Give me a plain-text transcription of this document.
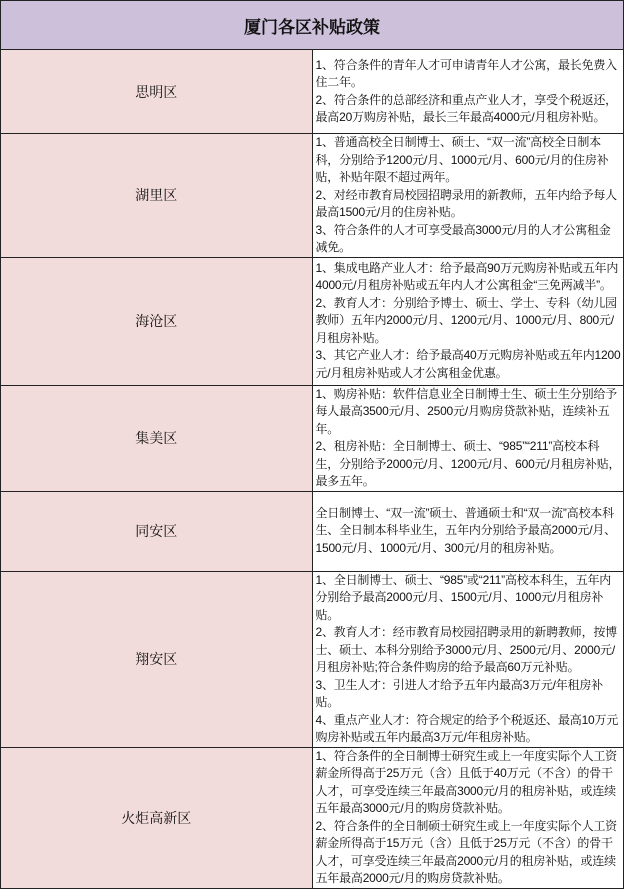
厦门各区补贴政策	
思明区	1、符合条件的青年人才可申请青年人才公寓，最长免费入住二年。
2、符合条件的总部经济和重点产业人才，享受个税返还，最高20万购房补贴，最长三年最高4000元/月租房补贴。

湖里区	1、普通高校全日制博士、硕士、“双一流”高校全日制本科，分别给予1200元/月、1000元/月、600元/月的住房补贴，补贴年限不超过两年。
2、对经市教育局校园招聘录用的新教师，五年内给予每人最高1500元/月的住房补贴。
3、符合条件的人才可享受最高3000元/月的人才公寓租金减免。

海沧区	1、集成电路产业人才：给予最高90万元购房补贴或五年内4000元/月租房补贴或五年内人才公寓租金“三免两减半”。
2、教育人才：分别给予博士、硕士、学士、专科（幼儿园教师）五年内2000元/月、1200元/月、1000元/月、800元/月租房补贴。
3、其它产业人才：给予最高40万元购房补贴或五年内1200元/月租房补贴或人才公寓租金优惠。

集美区	1、购房补贴：软件信息业全日制博士生、硕士生分别给予每人最高3500元/月、2500元/月购房贷款补贴，连续补五年。
2、租房补贴：全日制博士、硕士、“985”“211”高校本科生，分别给予2000元/月、1200元/月、600元/月租房补贴，最多五年。

同安区	全日制博士、“双一流”硕士、普通硕士和“双一流”高校本科生、全日制本科毕业生，五年内分别给予最高2000元/月、1500元/月、1000元/月、300元/月的租房补贴。

翔安区	1、全日制博士、硕士、“985”或“211”高校本科生，五年内分别给予最高2000元/月、1500元/月、1000元/月租房补贴。
2、教育人才：经市教育局校园招聘录用的新聘教师，按博士、硕士、本科分别给予3000元/月、2500元/月、2000元/月租房补贴;符合条件购房的给予最高60万元补贴。
3、卫生人才：引进人才给予五年内最高3万元/年租房补贴。
4、重点产业人才：符合规定的给予个税返还、最高10万元购房补贴或五年内最高3万元/年租房补贴。

火炬高新区	1、符合条件的全日制博士研究生或上一年度实际个人工资薪金所得高于25万元（含）且低于40万元（不含）的骨干人才，可享受连续三年最高3000元/月的租房补贴，或连续五年最高3000元/月的购房贷款补贴。
2、符合条件的全日制硕士研究生或上一年度实际个人工资薪金所得高于15万元（含）且低于25万元（不含）的骨干人才，可享受连续三年最高2000元/月的租房补贴，或连续五年最高2000元/月的购房贷款补贴。
